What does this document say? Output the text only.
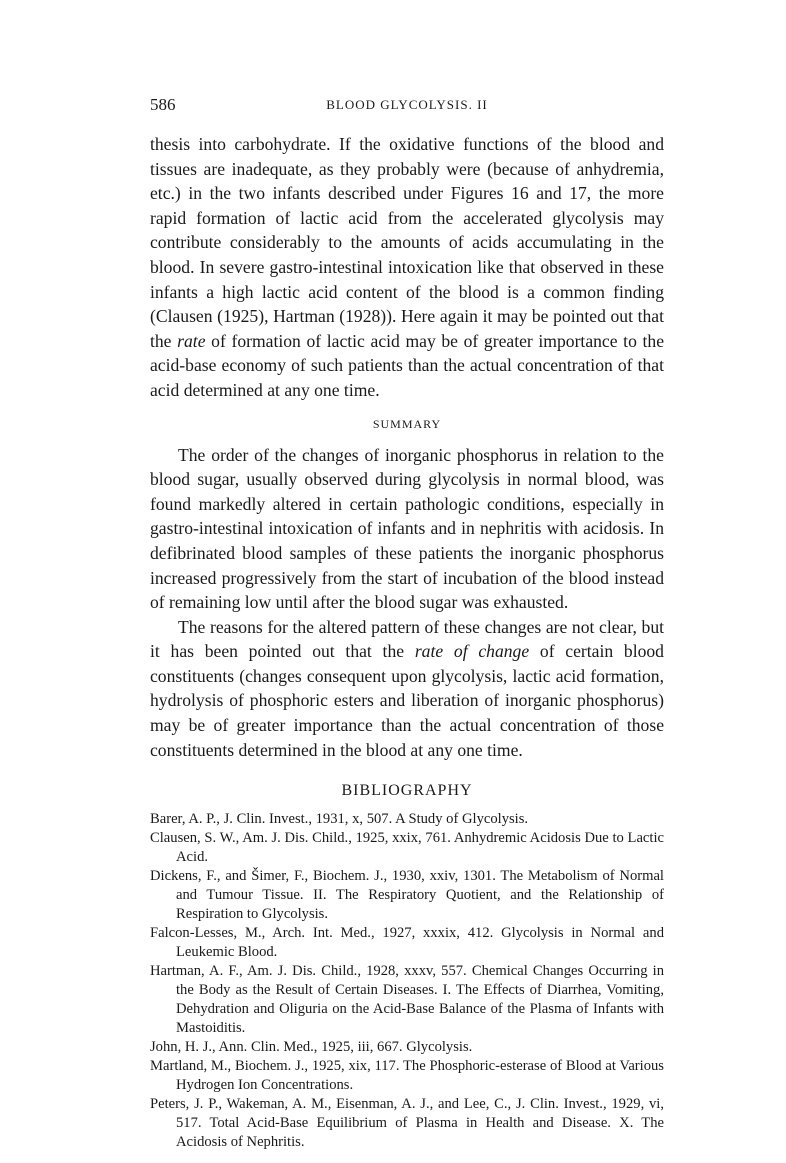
586	BLOOD GLYCOLYSIS. II

thesis into carbohydrate. If the oxidative functions of the blood and tissues are inadequate, as they probably were (because of anhydremia, etc.) in the two infants described under Figures 16 and 17, the more rapid formation of lactic acid from the accelerated glycolysis may contribute considerably to the amounts of acids accumulating in the blood. In severe gastro-intestinal intoxication like that observed in these infants a high lactic acid content of the blood is a common finding (Clausen (1925), Hartman (1928)). Here again it may be pointed out that the rate of formation of lactic acid may be of greater importance to the acid-base economy of such patients than the actual concentration of that acid determined at any one time.

SUMMARY

The order of the changes of inorganic phosphorus in relation to the blood sugar, usually observed during glycolysis in normal blood, was found markedly altered in certain pathologic conditions, especially in gastro-intestinal intoxication of infants and in nephritis with acidosis. In defibrinated blood samples of these patients the inorganic phosphorus increased progressively from the start of incubation of the blood instead of remaining low until after the blood sugar was exhausted.

The reasons for the altered pattern of these changes are not clear, but it has been pointed out that the rate of change of certain blood constituents (changes consequent upon glycolysis, lactic acid formation, hydrolysis of phosphoric esters and liberation of inorganic phosphorus) may be of greater importance than the actual concentration of those constituents determined in the blood at any one time.

BIBLIOGRAPHY
Barer, A. P., J. Clin. Invest., 1931, x, 507. A Study of Glycolysis.
Clausen, S. W., Am. J. Dis. Child., 1925, xxix, 761. Anhydremic Acidosis Due to Lactic Acid.
Dickens, F., and Šimer, F., Biochem. J., 1930, xxiv, 1301. The Metabolism of Normal and Tumour Tissue. II. The Respiratory Quotient, and the Relationship of Respiration to Glycolysis.
Falcon-Lesses, M., Arch. Int. Med., 1927, xxxix, 412. Glycolysis in Normal and Leukemic Blood.
Hartman, A. F., Am. J. Dis. Child., 1928, xxxv, 557. Chemical Changes Occurring in the Body as the Result of Certain Diseases. I. The Effects of Diarrhea, Vomiting, Dehydration and Oliguria on the Acid-Base Balance of the Plasma of Infants with Mastoiditis.
John, H. J., Ann. Clin. Med., 1925, iii, 667. Glycolysis.
Martland, M., Biochem. J., 1925, xix, 117. The Phosphoric-esterase of Blood at Various Hydrogen Ion Concentrations.
Peters, J. P., Wakeman, A. M., Eisenman, A. J., and Lee, C., J. Clin. Invest., 1929, vi, 517. Total Acid-Base Equilibrium of Plasma in Health and Disease. X. The Acidosis of Nephritis.
